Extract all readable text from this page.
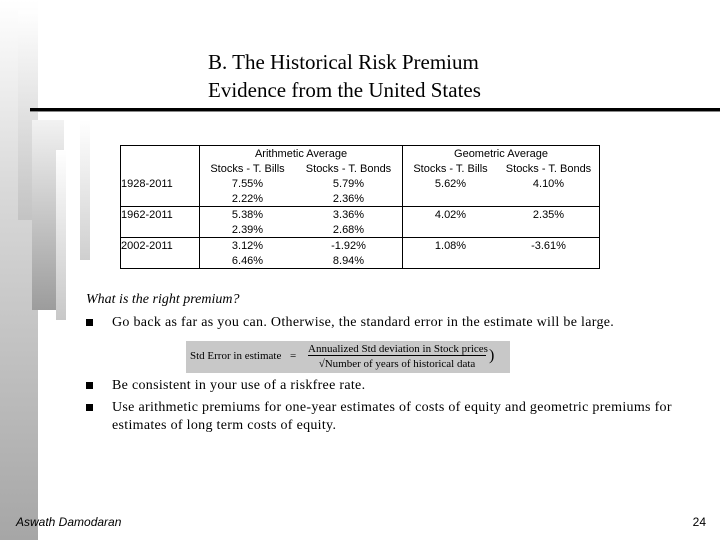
B. The Historical Risk Premium
Evidence from the United States
	Arithmetic Average		Geometric Average	
	Stocks - T. Bills	Stocks - T. Bonds	Stocks - T. Bills	Stocks - T. Bonds
1928-2011	7.55%	5.79%	5.62%	4.10%
	2.22%	2.36%		
1962-2011	5.38%	3.36%	4.02%	2.35%
	2.39%	2.68%		
2002-2011	3.12%	-1.92%	1.08%	-3.61%
	6.46%	8.94%		
What is the right premium?
Go back as far as you can. Otherwise, the standard error in the estimate will be large.
Std Error in estimate =
Annualized Std deviation in Stock prices
√Number of years of historical data )
Be consistent in your use of a riskfree rate.
Use arithmetic premiums for one-year estimates of costs of equity and geometric premiums for estimates of long term costs of equity.
Aswath Damodaran	24
